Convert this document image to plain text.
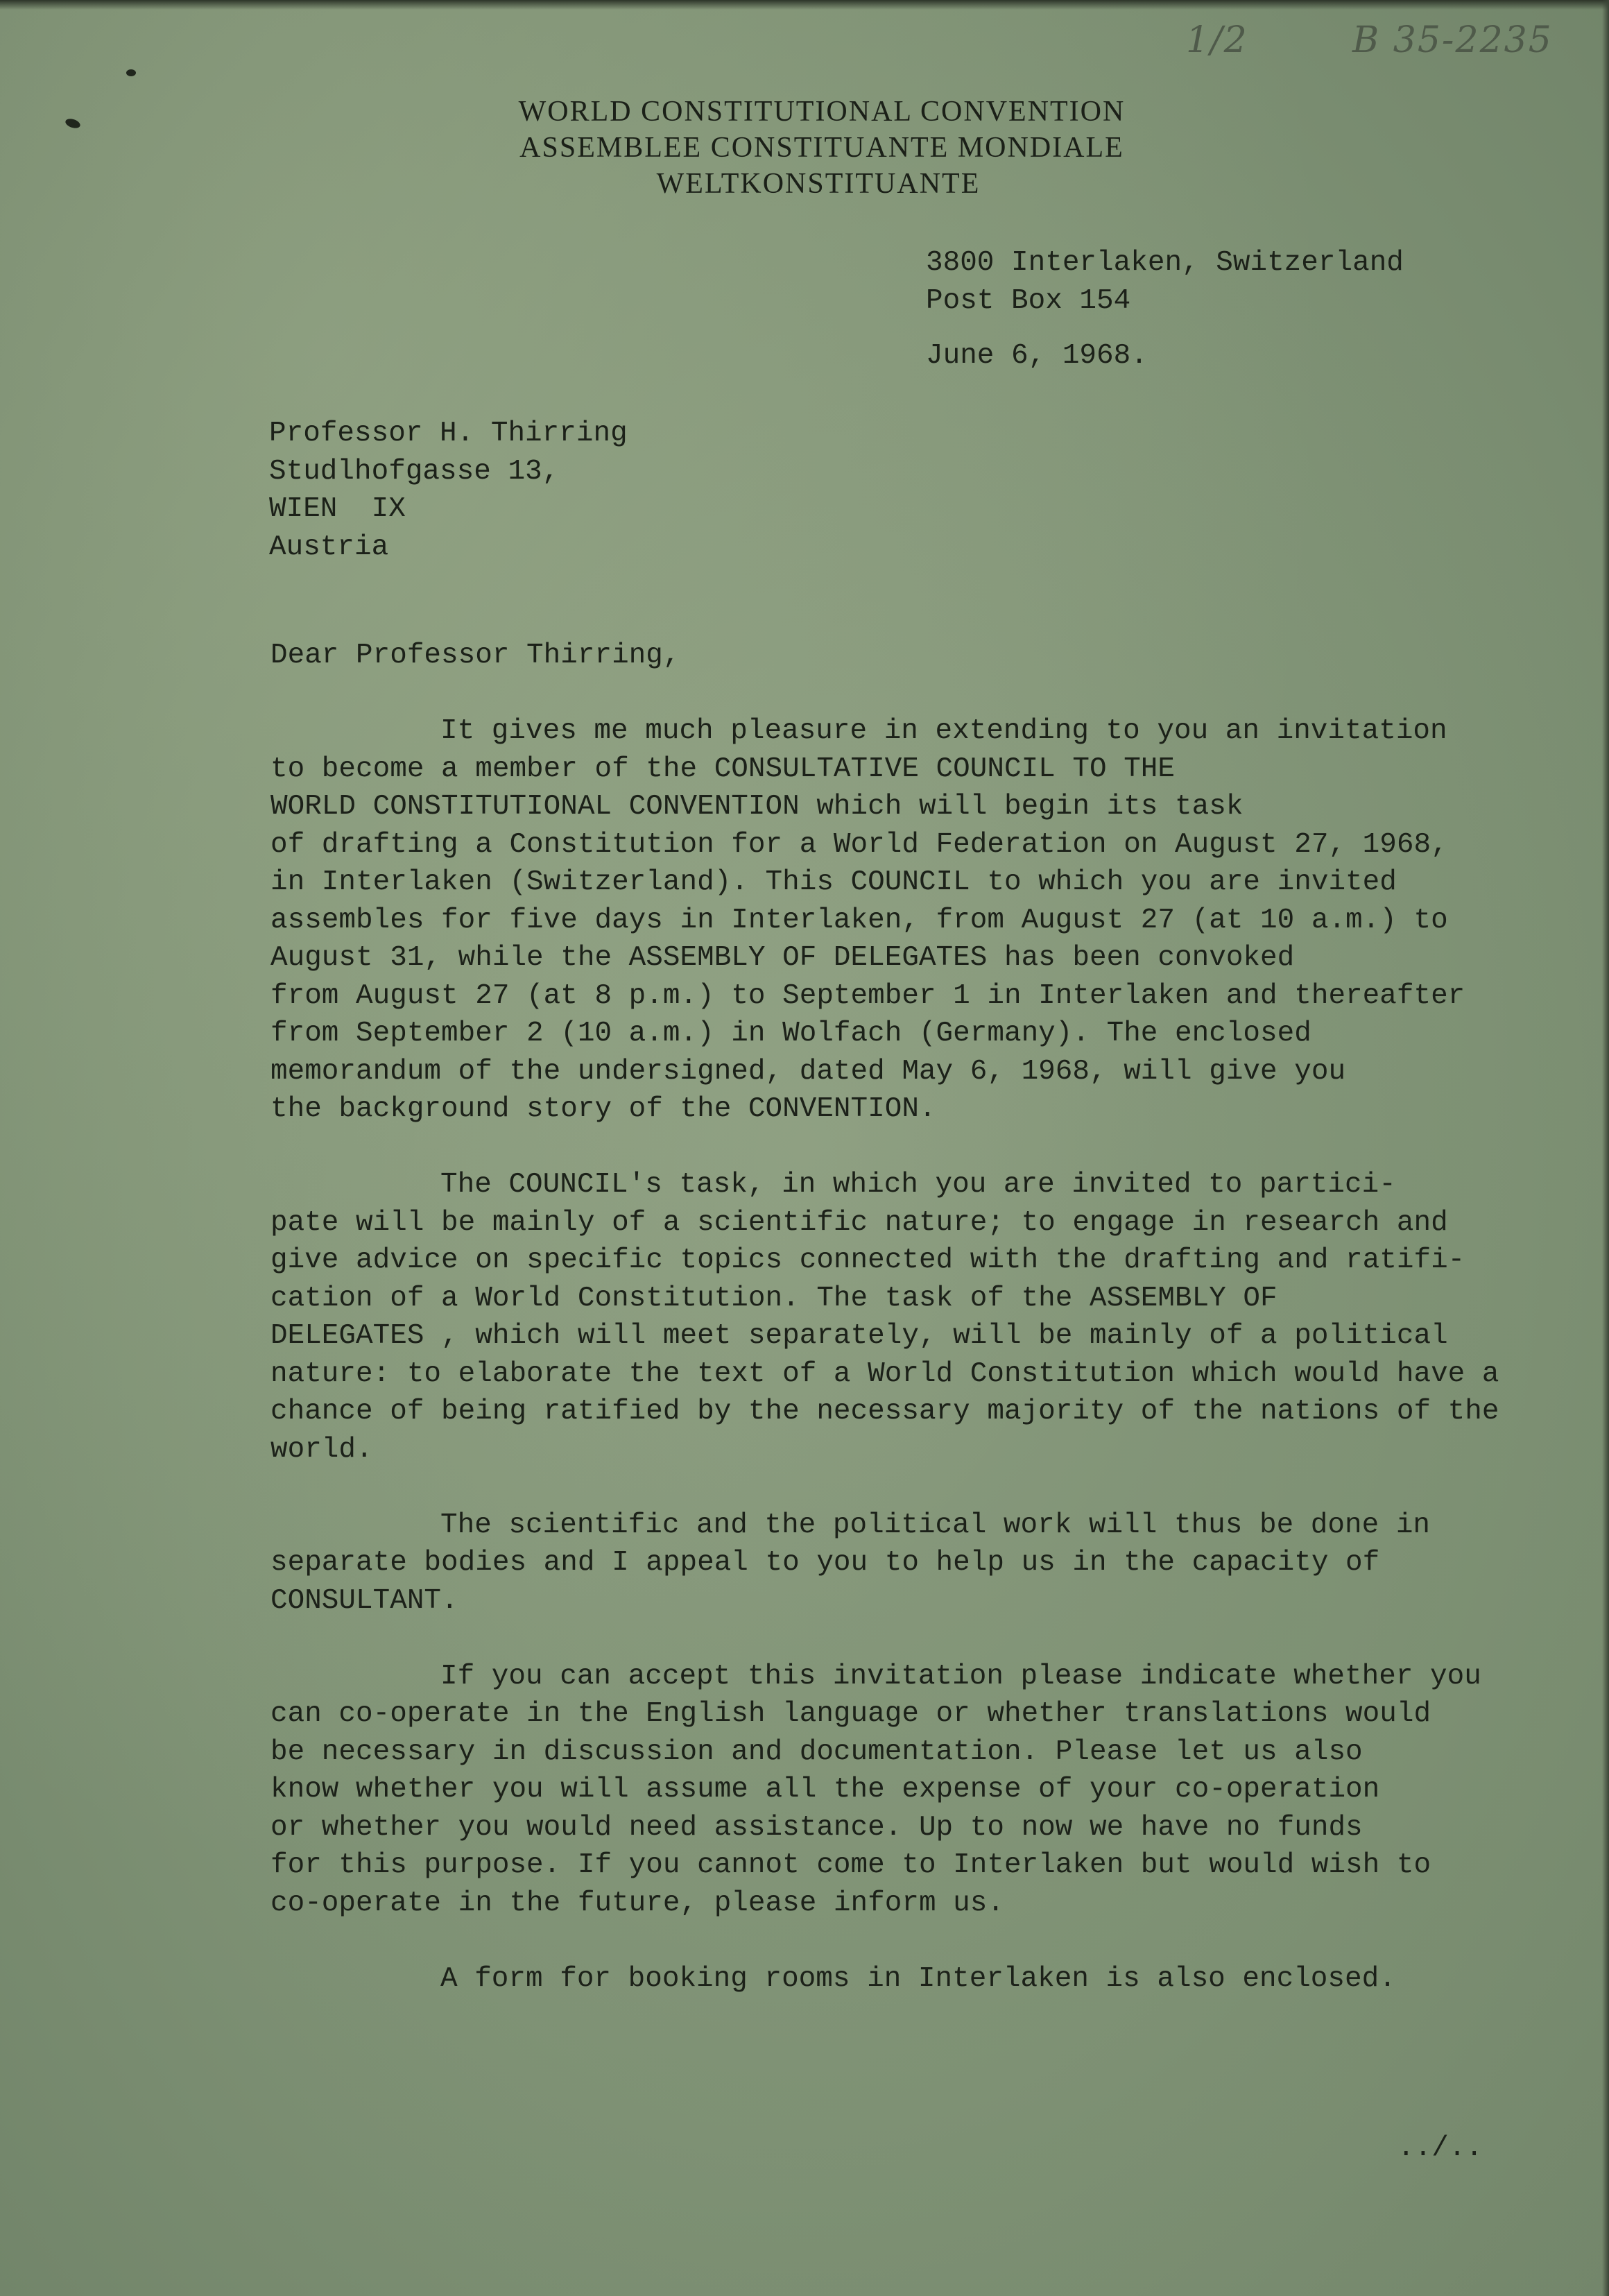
1/2	B 35-2235
WORLD CONSTITUTIONAL CONVENTION
ASSEMBLEE CONSTITUANTE MONDIALE
WELTKONSTITUANTE
3800 Interlaken, Switzerland
Post Box 154
June 6, 1968.
Professor H. Thirring
Studlhofgasse 13,
WIEN  IX
Austria
Dear Professor Thirring,
It gives me much pleasure in extending to you an invitation
to become a member of the CONSULTATIVE COUNCIL TO THE
WORLD CONSTITUTIONAL CONVENTION which will begin its task
of drafting a Constitution for a World Federation on August 27, 1968,
in Interlaken (Switzerland). This COUNCIL to which you are invited
assembles for five days in Interlaken, from August 27 (at 10 a.m.) to
August 31, while the ASSEMBLY OF DELEGATES has been convoked
from August 27 (at 8 p.m.) to September 1 in Interlaken and thereafter
from September 2 (10 a.m.) in Wolfach (Germany). The enclosed
memorandum of the undersigned, dated May 6, 1968, will give you
the background story of the CONVENTION.
The COUNCIL's task, in which you are invited to partici-
pate will be mainly of a scientific nature; to engage in research and
give advice on specific topics connected with the drafting and ratifi-
cation of a World Constitution. The task of the ASSEMBLY OF
DELEGATES , which will meet separately, will be mainly of a political
nature: to elaborate the text of a World Constitution which would have a
chance of being ratified by the necessary majority of the nations of the
world.
The scientific and the political work will thus be done in
separate bodies and I appeal to you to help us in the capacity of
CONSULTANT.
If you can accept this invitation please indicate whether you
can co-operate in the English language or whether translations would
be necessary in discussion and documentation. Please let us also
know whether you will assume all the expense of your co-operation
or whether you would need assistance. Up to now we have no funds
for this purpose. If you cannot come to Interlaken but would wish to
co-operate in the future, please inform us.
A form for booking rooms in Interlaken is also enclosed.
../..
